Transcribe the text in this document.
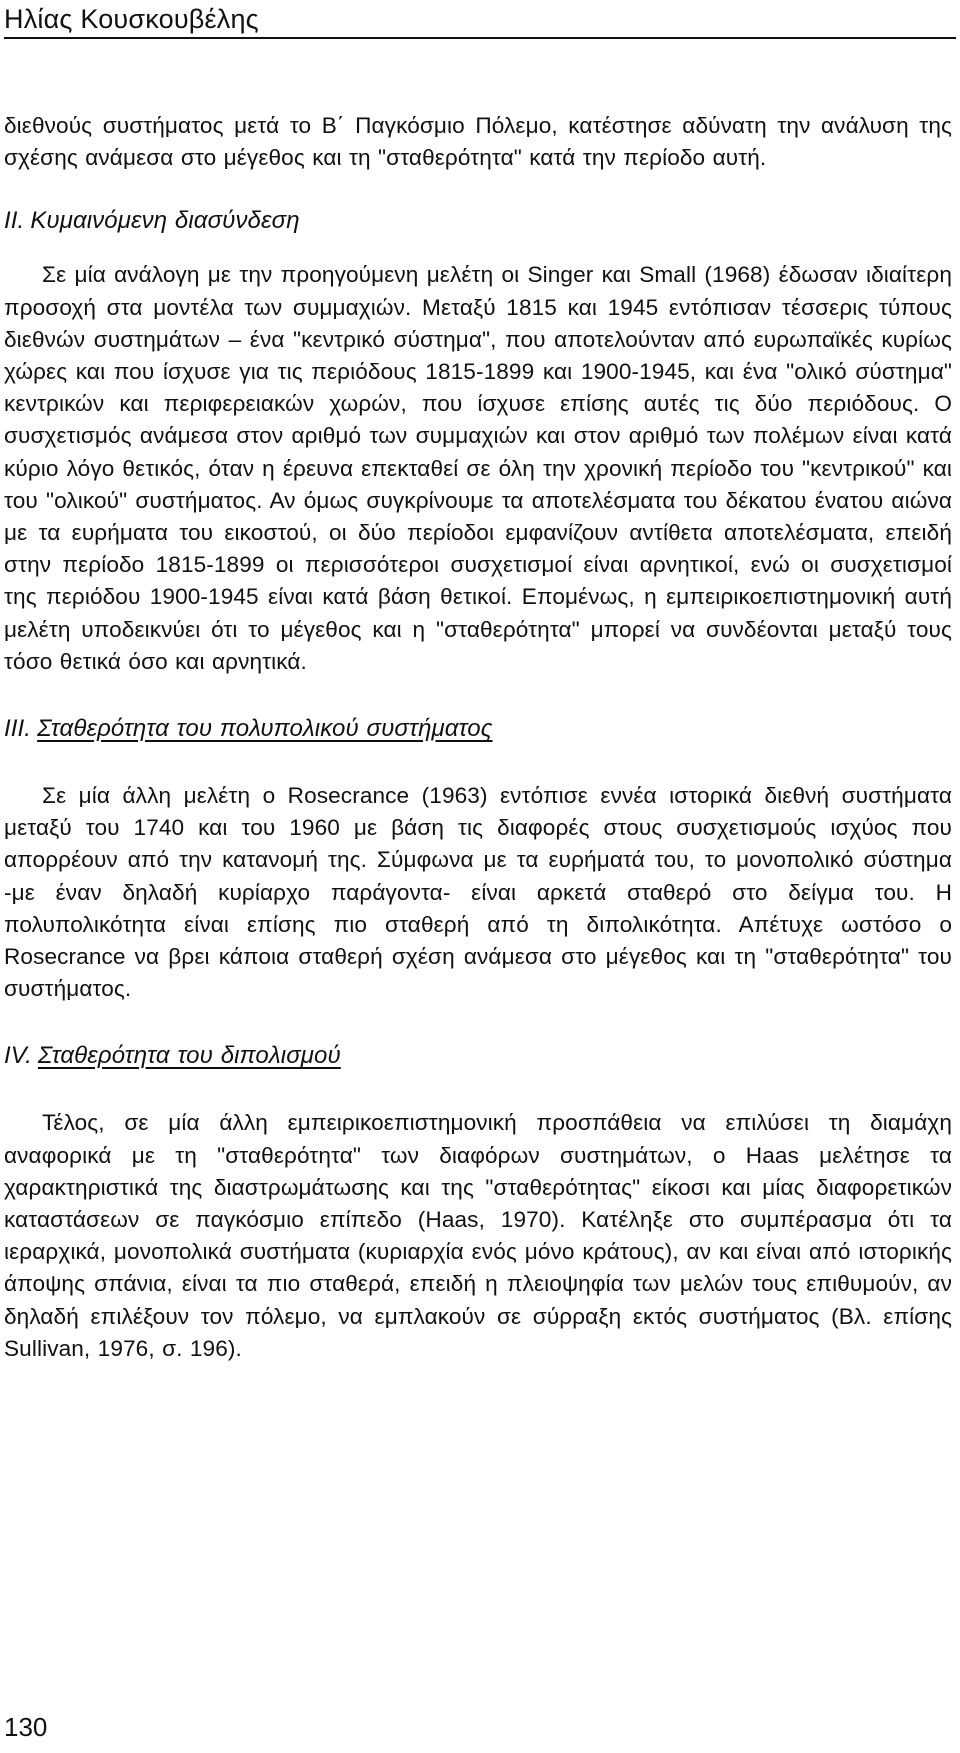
Ηλίας Κουσκουβέλης

διεθνούς συστήματος μετά το Β΄ Παγκόσμιο Πόλεμο, κατέστησε αδύνατη την ανάλυση της σχέσης ανάμεσα στο μέγεθος και τη "σταθερότητα" κατά την περίοδο αυτή.

ΙΙ. Κυμαινόμενη διασύνδεση

Σε μία ανάλογη με την προηγούμενη μελέτη οι Singer και Small (1968) έδωσαν ιδιαίτερη προσοχή στα μοντέλα των συμμαχιών. Μεταξύ 1815 και 1945 εντόπισαν τέσσερις τύπους διεθνών συστημάτων – ένα "κεντρικό σύστημα", που αποτελούνταν από ευρωπαϊκές κυρίως χώρες και που ίσχυσε για τις περιόδους 1815-1899 και 1900-1945, και ένα "ολικό σύστημα" κεντρικών και περιφερειακών χωρών, που ίσχυσε επίσης αυτές τις δύο περιόδους. Ο συσχετισμός ανάμεσα στον αριθμό των συμμαχιών και στον αριθμό των πολέμων είναι κατά κύριο λόγο θετικός, όταν η έρευνα επεκταθεί σε όλη την χρονική περίοδο του "κεντρικού" και του "ολικού" συστήματος. Αν όμως συγκρίνουμε τα αποτελέσματα του δέκατου ένατου αιώνα με τα ευρήματα του εικοστού, οι δύο περίοδοι εμφανίζουν αντίθετα αποτελέσματα, επειδή στην περίοδο 1815-1899 οι περισσότεροι συσχετισμοί είναι αρνητικοί, ενώ οι συσχετισμοί της περιόδου 1900-1945 είναι κατά βάση θετικοί. Επομένως, η εμπειρικοεπιστημονική αυτή μελέτη υποδεικνύει ότι το μέγεθος και η "σταθερότητα" μπορεί να συνδέονται μεταξύ τους τόσο θετικά όσο και αρνητικά.

ΙΙΙ. Σταθερότητα του πολυπολικού συστήματος

Σε μία άλλη μελέτη ο Rosecrance (1963) εντόπισε εννέα ιστορικά διεθνή συστήματα μεταξύ του 1740 και του 1960 με βάση τις διαφορές στους συσχετισμούς ισχύος που απορρέουν από την κατανομή της. Σύμφωνα με τα ευρήματά του, το μονοπολικό σύστημα -με έναν δηλαδή κυρίαρχο παράγοντα- είναι αρκετά σταθερό στο δείγμα του. Η πολυπολικότητα είναι επίσης πιο σταθερή από τη διπολικότητα. Απέτυχε ωστόσο ο Rosecrance να βρει κάποια σταθερή σχέση ανάμεσα στο μέγεθος και τη "σταθερότητα" του συστήματος.

ΙV. Σταθερότητα του διπολισμού

Τέλος, σε μία άλλη εμπειρικοεπιστημονική προσπάθεια να επιλύσει τη διαμάχη αναφορικά με τη "σταθερότητα" των διαφόρων συστημάτων, ο Haas μελέτησε τα χαρακτηριστικά της διαστρωμάτωσης και της "σταθερότητας" είκοσι και μίας διαφορετικών καταστάσεων σε παγκόσμιο επίπεδο (Haas, 1970). Κατέληξε στο συμπέρασμα ότι τα ιεραρχικά, μονοπολικά συστήματα (κυριαρχία ενός μόνο κράτους), αν και είναι από ιστορικής άποψης σπάνια, είναι τα πιο σταθερά, επειδή η πλειοψηφία των μελών τους επιθυμούν, αν δηλαδή επιλέξουν τον πόλεμο, να εμπλακούν σε σύρραξη εκτός συστήματος (Βλ. επίσης Sullivan, 1976, σ. 196).

130
